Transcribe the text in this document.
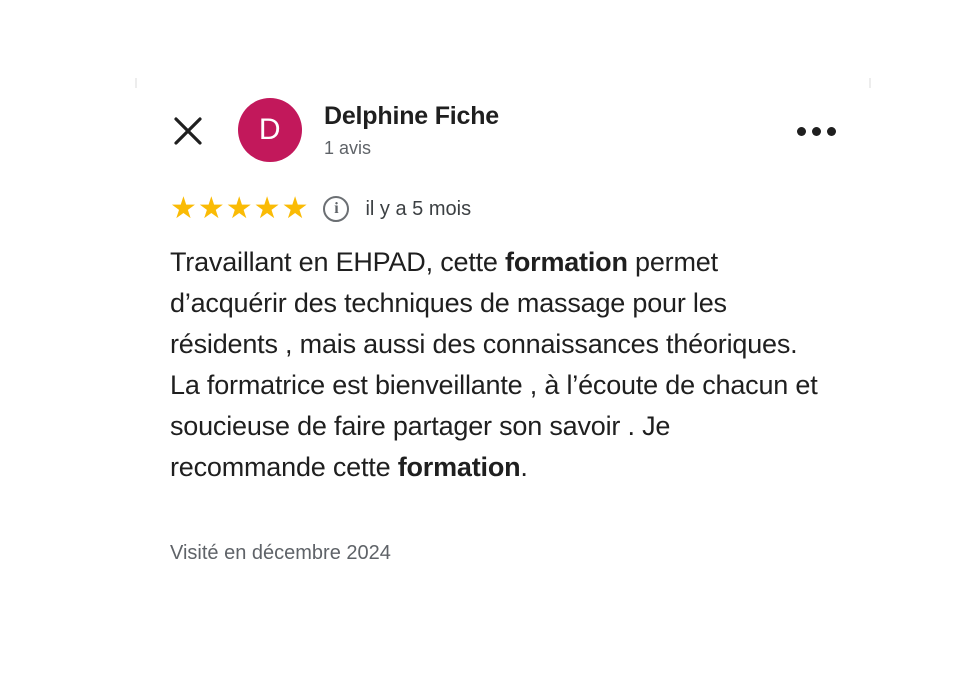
D Delphine Fiche
1 avis
★★★★★	i	il y a 5 mois
Travaillant en EHPAD, cette formation permet d’acquérir des techniques de massage pour les résidents , mais aussi des connaissances théoriques. La formatrice est bienveillante , à l’écoute de chacun et soucieuse de faire partager son savoir . Je recommande cette formation.
Visité en décembre 2024
